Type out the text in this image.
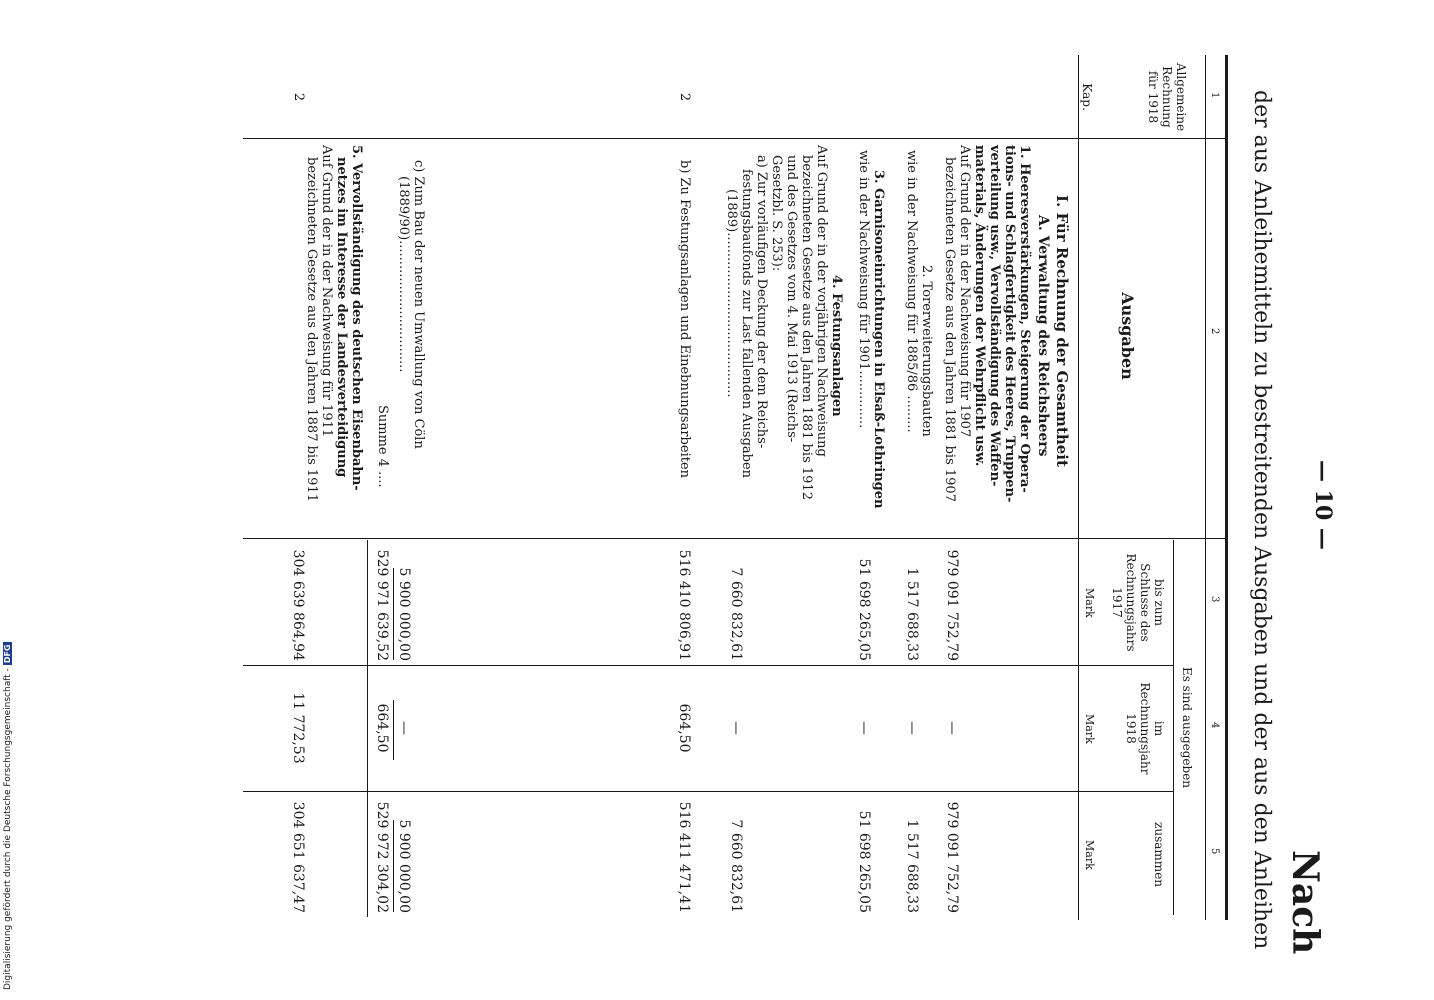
Digitalisierung gefördert durch die Deutsche Forschungsgemeinschaft -DFG
Nach
der aus Anleihemitteln zu bestreitenden Ausgaben und der aus den Anleihen — 10 —
1
2
3
4
5
Allgemeine
Rechnung
für 1918
Kap.
Ausgaben
Es sind ausgegeben
bis zum
Schlusse des
Rechnungsjahrs
1917
im
Rechnungsjahr
1918
zusammen
Mark
Mark
Mark
I. Für Rechnung der Gesamtheit
A. Verwaltung des Reichsheers
1. Heeresverstärkungen, Steigerung der Opera-
tions- und Schlagfertigkeit des Heeres, Truppen-
verteilung usw., Vervollständigung des Waffen-
materials, Änderungen der Wehrpflicht usw.
Auf Grund der in der Nachweisung für 1907
bezeichneten Gesetze aus den Jahren 1881 bis 1907
979 091 752,79
—
979 091 752,79
2. Torerweiterungsbauten
wie in der Nachweisung für 1885/86 .........
1 517 688,33
—
1 517 688,33
3. Garnisoneinrichtungen in Elsaß-Lothringen
wie in der Nachweisung für 1901..............
51 698 265,05
—
51 698 265,05
4. Festungsanlagen
Auf Grund der in der vorjährigen Nachweisung
bezeichneten Gesetze aus den Jahren 1881 bis 1912
und des Gesetzes vom 4. Mai 1913 (Reichs-
Gesetzbl. S. 253):
a) Zur vorläufigen Deckung der dem Reichs-
festungsbaufonds zur Last fallenden Ausgaben
(1889)........................................
7 660 832,61
—
7 660 832,61
2
b) Zu Festungsanlagen und Einebnungsarbeiten
516 410 806,91
664,50
516 411 471,41
c) Zum Bau der neuen Umwallung von Cöln
(1889/90)................................
5 900 000,00
—
5 900 000,00
Summe 4 ....
529 971 639,52
664,50
529 972 304,02
2
5. Vervollständigung des deutschen Eisenbahn-
netzes im Interesse der Landesverteidigung
Auf Grund der in der Nachweisung für 1911
bezeichneten Gesetze aus den Jahren 1887 bis 1911
304 639 864,94
11 772,53
304 651 637,47
